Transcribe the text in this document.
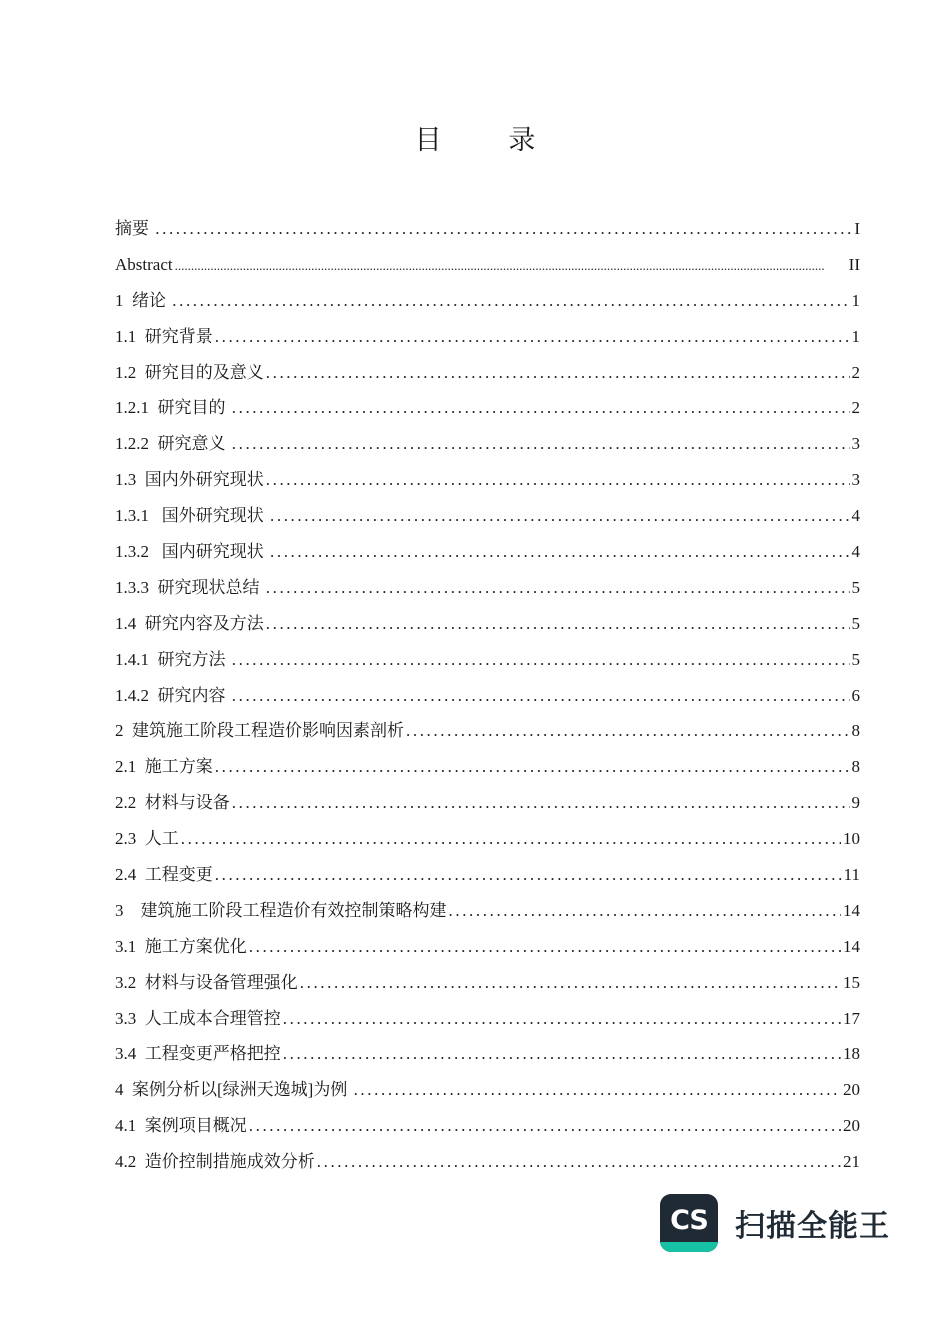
目 录
摘要 .....	I
Abstract .....	II
1  绪论 .....	1
1.1  研究背景 .....	1
1.2  研究目的及意义 .....	2
1.2.1  研究目的 .....	2
1.2.2  研究意义 .....	3
1.3  国内外研究现状 .....	3
1.3.1   国外研究现状 .....	4
1.3.2   国内研究现状 .....	4
1.3.3  研究现状总结 .....	5
1.4  研究内容及方法 .....	5
1.4.1  研究方法 .....	5
1.4.2  研究内容 .....	6
2  建筑施工阶段工程造价影响因素剖析 .....	8
2.1  施工方案 .....	8
2.2  材料与设备 .....	9
2.3  人工 .....	10
2.4  工程变更 .....	11
3    建筑施工阶段工程造价有效控制策略构建 .....	14
3.1  施工方案优化 .....	14
3.2  材料与设备管理强化 .....	15
3.3  人工成本合理管控 .....	17
3.4  工程变更严格把控 .....	18
4  案例分析以[绿洲天逸城]为例 .....	20
4.1  案例项目概况 .....	20
4.2  造价控制措施成效分析 .....	21
CS 扫描全能王
